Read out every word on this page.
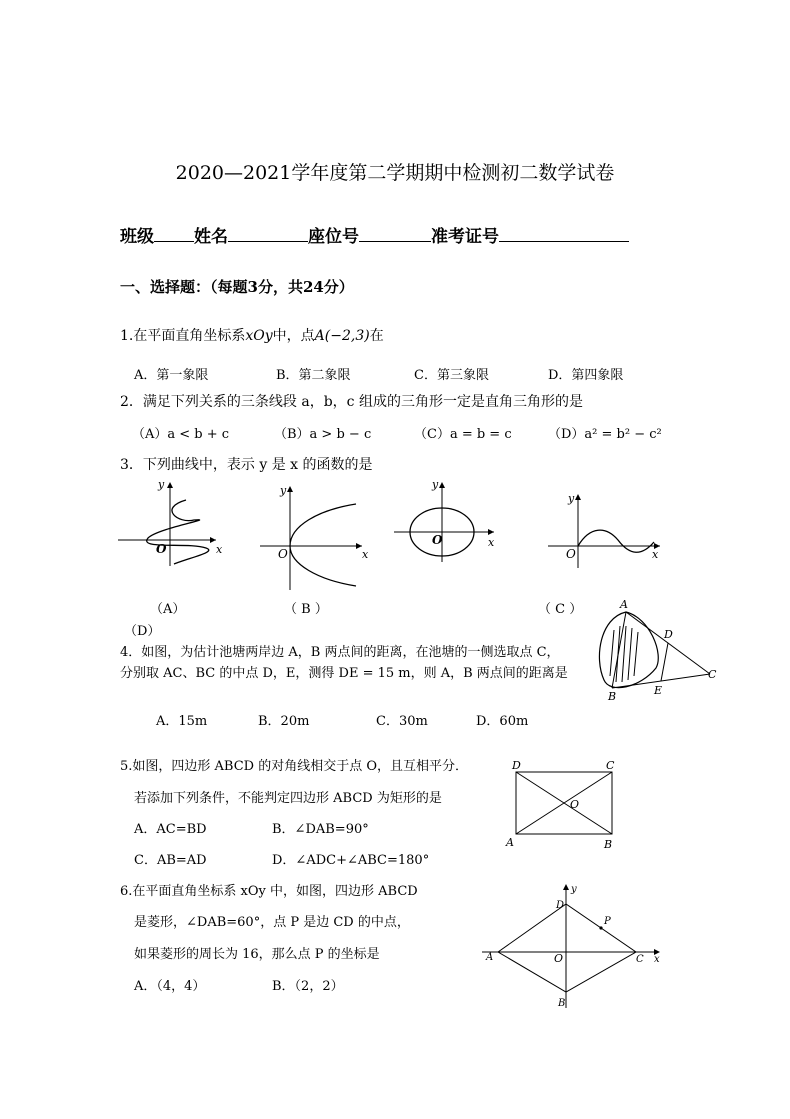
2020—2021学年度第二学期期中检测初二数学试卷
班级 姓名	座位号	准考证号
一、选择题：（每题3分，共24分）
1.在平面直角坐标系xOy中，点A(−2,3)在
A．第一象限	B．第二象限	C．第三象限	D．第四象限
2．满足下列关系的三条线段 a，b，c 组成的三角形一定是直角三角形的是
（A）a < b + c	（B）a > b − c	（C）a = b = c	（D）a² = b² − c²
3．下列曲线中，表示 y 是 x 的函数的是
x
y
O
（A）
x
y
O
（ B ）
x
y
O
x
y
O
（ C ）
（D）
4．如图，为估计池塘两岸边 A，B 两点间的距离，在池塘的一侧选取点 C，
分别取 AC、BC 的中点 D，E，测得 DE = 15 m，则 A，B 两点间的距离是
A．15m	B．20m	C．30m	D．60m
A
B
C
D
E
5.如图，四边形 ABCD 的对角线相交于点 O，且互相平分．
若添加下列条件，不能判定四边形 ABCD 为矩形的是
A．AC=BD	B．∠DAB=90°
C．AB=AD	D．∠ADC+∠ABC=180°
D	C
A	B
O
6.在平面直角坐标系 xOy 中，如图，四边形 ABCD
是菱形，∠DAB=60°，点 P 是边 CD 的中点，
如果菱形的周长为 16，那么点 P 的坐标是
A．（4，4）	B．（2，2）
A
B
C
D
O
P
x
y
